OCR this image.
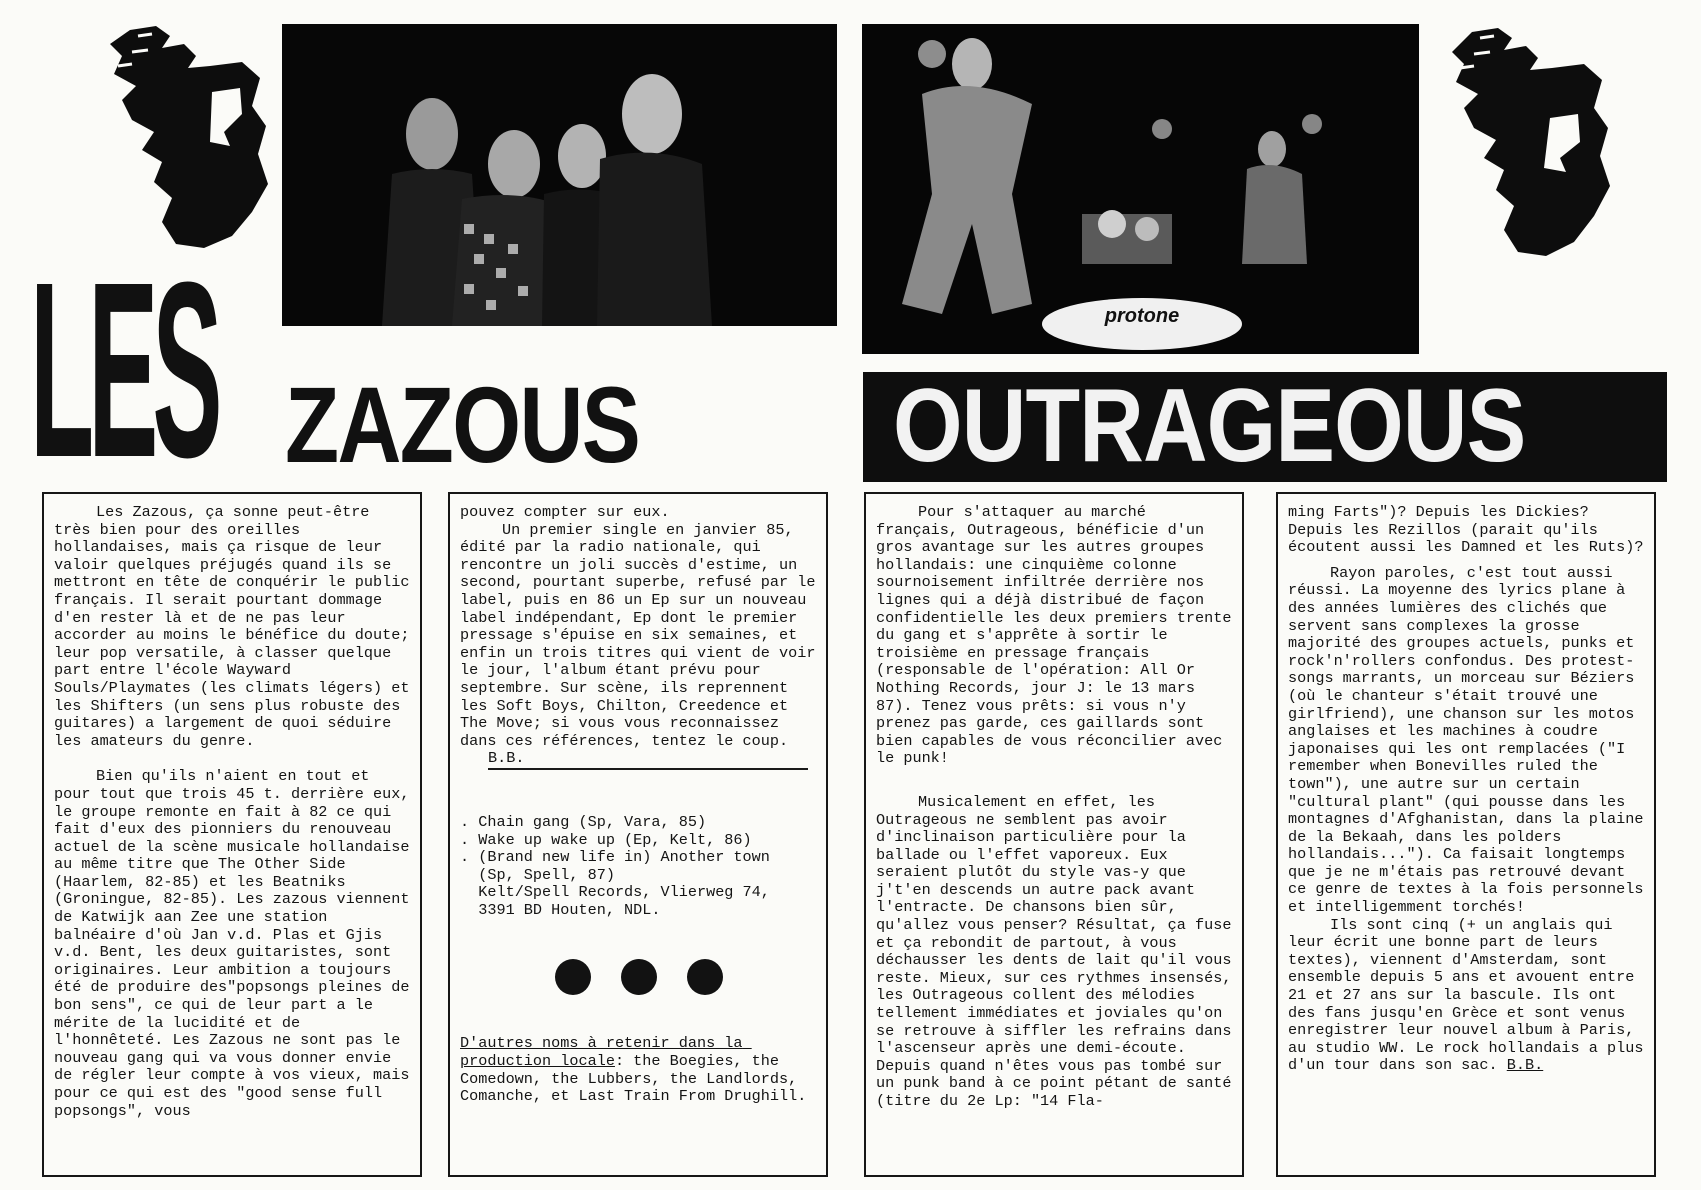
protone
LES ZAZOUS OUTRAGEOUS

Les Zazous, ça sonne peut-être très bien pour des oreilles hollandaises, mais ça risque de leur valoir quelques préjugés quand ils se mettront en tête de conquérir le public français. Il serait pourtant dommage d'en rester là et de ne pas leur accorder au moins le bénéfice du doute; leur pop versatile, à classer quelque part entre l'école Wayward Souls/Playmates (les climats légers) et les Shifters (un sens plus robuste des guitares) a largement de quoi séduire les amateurs du genre.

Bien qu'ils n'aient en tout et pour tout que trois 45 t. derrière eux, le groupe remonte en fait à 82 ce qui fait d'eux des pionniers du renouveau actuel de la scène musicale hollandaise au même titre que The Other Side (Haarlem, 82-85) et les Beatniks (Groningue, 82-85). Les zazous viennent de Katwijk aan Zee une station balnéaire d'où Jan v.d. Plas et Gjis v.d. Bent, les deux guitaristes, sont originaires. Leur ambition a toujours été de produire des"popsongs pleines de bon sens", ce qui de leur part a le mérite de la lucidité et de l'honnêteté. Les Zazous ne sont pas le nouveau gang qui va vous donner envie de régler leur compte à vos vieux, mais pour ce qui est des "good sense full popsongs", vous

pouvez compter sur eux.

Un premier single en janvier 85, édité par la radio nationale, qui rencontre un joli succès d'estime, un second, pourtant superbe, refusé par le label, puis en 86 un Ep sur un nouveau label indépendant, Ep dont le premier pressage s'épuise en six semaines, et enfin un trois titres qui vient de voir le jour, l'album étant prévu pour septembre. Sur scène, ils reprennent les Soft Boys, Chilton, Creedence et The Move; si vous vous reconnaissez dans ces références, tentez le coup.

B.B.

. Chain gang (Sp, Vara, 85)

. Wake up wake up (Ep, Kelt, 86)

. (Brand new life in) Another town

(Sp, Spell, 87)

Kelt/Spell Records, Vlierweg 74,

3391 BD Houten, NDL.

D'autres noms à retenir dans la production locale: the Boegies, the Comedown, the Lubbers, the Landlords, Comanche, et Last Train From Drughill.

Pour s'attaquer au marché français, Outrageous, bénéficie d'un gros avantage sur les autres groupes hollandais: une cinquième colonne sournoisement infiltrée derrière nos lignes qui a déjà distribué de façon confidentielle les deux premiers trente du gang et s'apprête à sortir le troisième en pressage français (responsable de l'opération: All Or Nothing Records, jour J: le 13 mars 87). Tenez vous prêts: si vous n'y prenez pas garde, ces gaillards sont bien capables de vous réconcilier avec le punk!

Musicalement en effet, les Outrageous ne semblent pas avoir d'inclinaison particulière pour la ballade ou l'effet vaporeux. Eux seraient plutôt du style vas-y que j't'en descends un autre pack avant l'entracte. De chansons bien sûr, qu'allez vous penser? Résultat, ça fuse et ça rebondit de partout, à vous déchausser les dents de lait qu'il vous reste. Mieux, sur ces rythmes insensés, les Outrageous collent des mélodies tellement immédiates et joviales qu'on se retrouve à siffler les refrains dans l'ascenseur après une demi-écoute. Depuis quand n'êtes vous pas tombé sur un punk band à ce point pétant de santé (titre du 2e Lp: "14 Fla-

ming Farts")? Depuis les Dickies? Depuis les Rezillos (parait qu'ils écoutent aussi les Damned et les Ruts)?

Rayon paroles, c'est tout aussi réussi. La moyenne des lyrics plane à des années lumières des clichés que servent sans complexes la grosse majorité des groupes actuels, punks et rock'n'rollers confondus. Des protest-songs marrants, un morceau sur Béziers (où le chanteur s'était trouvé une girlfriend), une chanson sur les motos anglaises et les machines à coudre japonaises qui les ont remplacées ("I remember when Bonevilles ruled the town"), une autre sur un certain "cultural plant" (qui pousse dans les montagnes d'Afghanistan, dans la plaine de la Bekaah, dans les polders hollandais..."). Ca faisait longtemps que je ne m'étais pas retrouvé devant ce genre de textes à la fois personnels et intelligemment torchés!

Ils sont cinq (+ un anglais qui leur écrit une bonne part de leurs textes), viennent d'Amsterdam, sont ensemble depuis 5 ans et avouent entre 21 et 27 ans sur la bascule. Ils ont des fans jusqu'en Grèce et sont venus enregistrer leur nouvel album à Paris, au studio WW. Le rock hollandais a plus d'un tour dans son sac. B.B.
